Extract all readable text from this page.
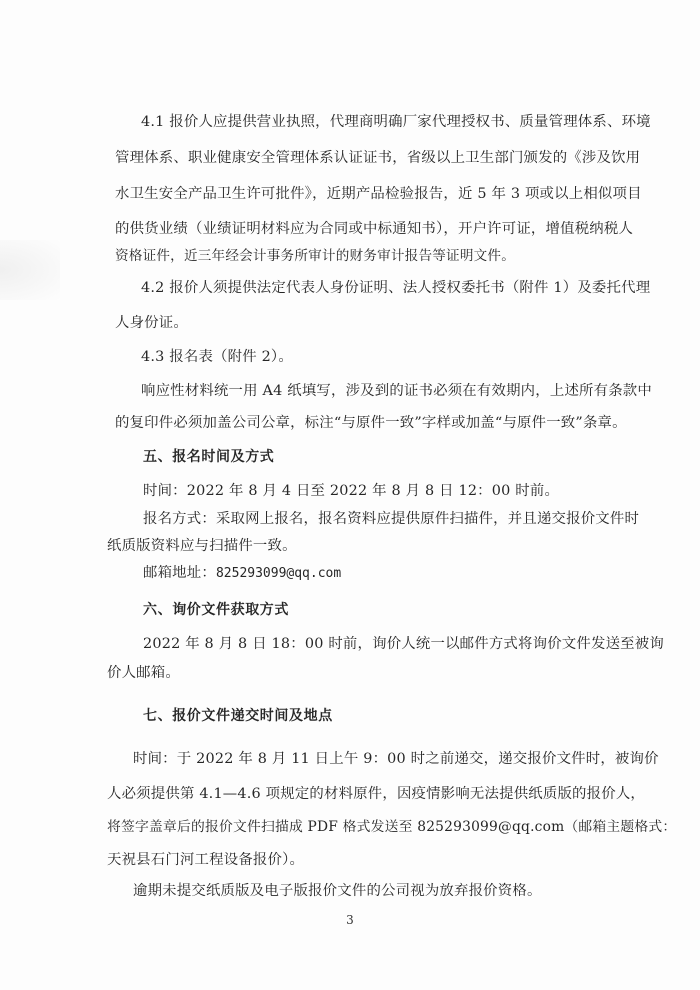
4.1 报价人应提供营业执照，代理商明确厂家代理授权书、质量管理体系、环境
管理体系、职业健康安全管理体系认证证书，省级以上卫生部门颁发的《涉及饮用
水卫生安全产品卫生许可批件》，近期产品检验报告，近 5 年 3 项或以上相似项目
的供货业绩（业绩证明材料应为合同或中标通知书），开户许可证，增值税纳税人
资格证件，近三年经会计事务所审计的财务审计报告等证明文件。
4.2 报价人须提供法定代表人身份证明、法人授权委托书（附件 1）及委托代理
人身份证。
4.3 报名表（附件 2）。
响应性材料统一用 A4 纸填写，涉及到的证书必须在有效期内，上述所有条款中
的复印件必须加盖公司公章，标注“与原件一致”字样或加盖“与原件一致”条章。
五、报名时间及方式
时间：2022 年 8 月 4 日至 2022 年 8 月 8 日 12：00 时前。
报名方式：采取网上报名，报名资料应提供原件扫描件，并且递交报价文件时
纸质版资料应与扫描件一致。
邮箱地址：825293099@qq.com
六、询价文件获取方式
2022 年 8 月 8 日 18：00 时前，询价人统一以邮件方式将询价文件发送至被询
价人邮箱。
七、报价文件递交时间及地点
时间：于 2022 年 8 月 11 日上午 9：00 时之前递交，递交报价文件时，被询价
人必须提供第 4.1—4.6 项规定的材料原件，因疫情影响无法提供纸质版的报价人，
将签字盖章后的报价文件扫描成 PDF 格式发送至 825293099@qq.com（邮箱主题格式：
天祝县石门河工程设备报价）。
逾期未提交纸质版及电子版报价文件的公司视为放弃报价资格。
3
